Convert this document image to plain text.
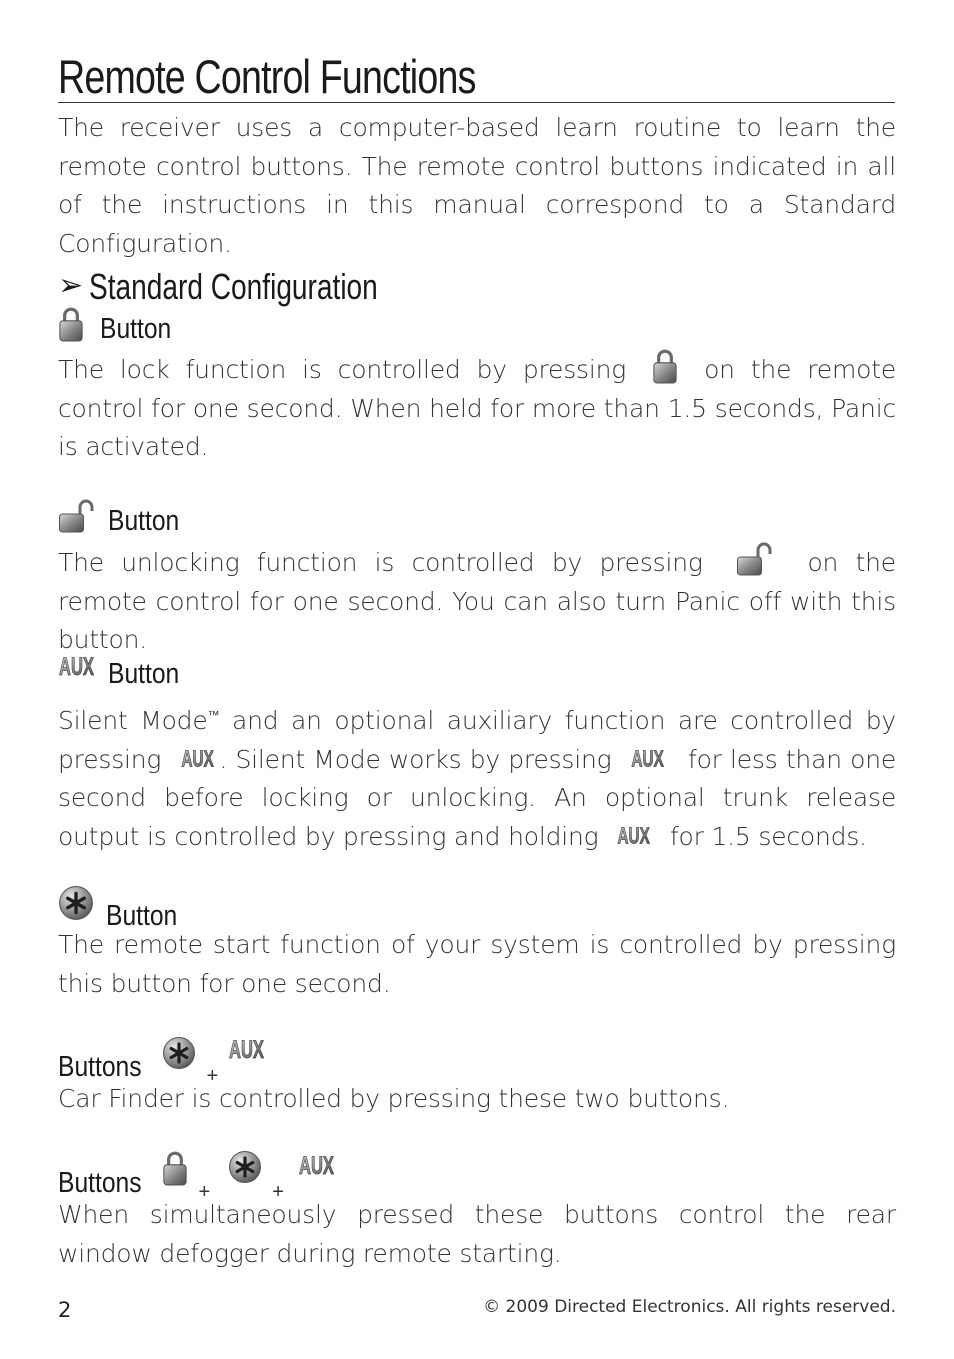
Remote Control Functions
The receiver uses a computer-based learn routine to learn the remote control buttons. The remote control buttons indicated in all of the instructions in this manual correspond to a Standard Configuration.
➢ Standard Configuration
Button
The lock function is controlled by pressing	on the remote control for one second. When held for more than 1.5 seconds, Panic is activated.
Button
The unlocking function is controlled by pressing	on the remote control for one second. You can also turn Panic off with this button.
AUX Button
Silent Mode™ and an optional auxiliary function are controlled by pressing AUX . Silent Mode works by pressing AUX for less than one second before locking or unlocking. An optional trunk release output is controlled by pressing and holding AUX for 1.5 seconds.
Button
The remote start function of your system is controlled by pressing this button for one second.
Buttons	$_+$
AUX
Car Finder is controlled by pressing these two buttons.
Buttons	$_+$	$_+$
AUX
When simultaneously pressed these buttons control the rear window defogger during remote starting.
2	© 2009 Directed Electronics. All rights reserved.
